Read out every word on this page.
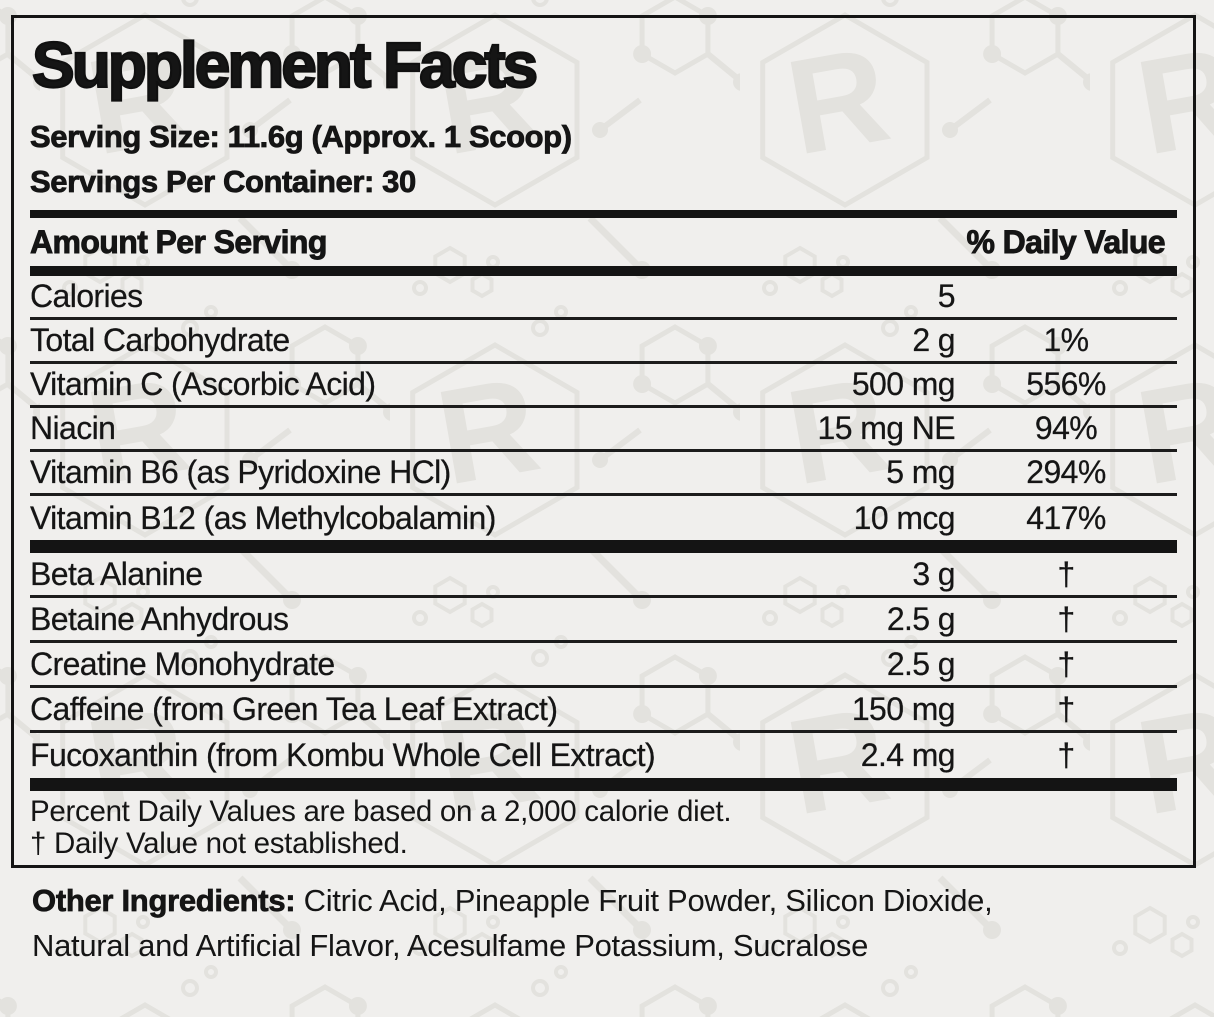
Supplement Facts
Serving Size: 11.6g (Approx. 1 Scoop)
Servings Per Container: 30
Amount Per Serving	% Daily Value
Calories	5
Total Carbohydrate	2 g	1%
Vitamin C (Ascorbic Acid)	500 mg	556%
Niacin	15 mg NE	94%
Vitamin B6 (as Pyridoxine HCl)	5 mg	294%
Vitamin B12 (as Methylcobalamin)	10 mcg	417%
Beta Alanine	3 g	†
Betaine Anhydrous	2.5 g	†
Creatine Monohydrate	2.5 g	†
Caffeine (from Green Tea Leaf Extract)	150 mg	†
Fucoxanthin (from Kombu Whole Cell Extract)	2.4 mg	†
Percent Daily Values are based on a 2,000 calorie diet.
† Daily Value not established.
Other Ingredients: Citric Acid, Pineapple Fruit Powder, Silicon Dioxide, Natural and Artificial Flavor, Acesulfame Potassium, Sucralose
